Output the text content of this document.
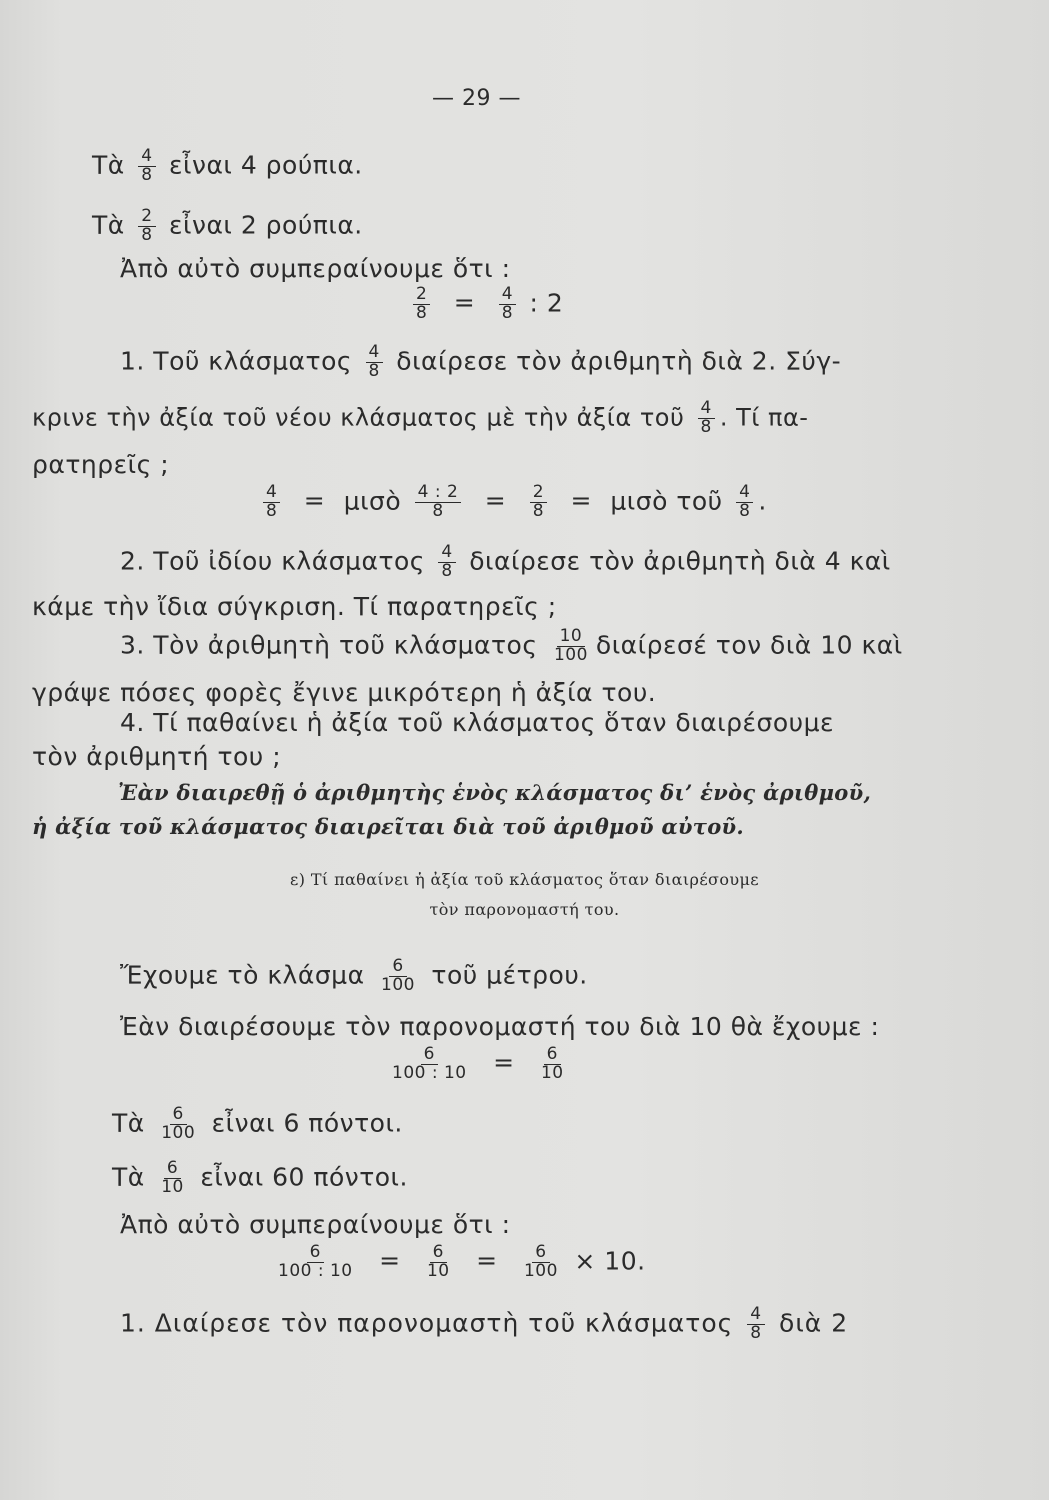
— 29 —
Τὰ $\frac{4}{8}$ εἶναι 4 ρούπια.
Τὰ $\frac{2}{8}$ εἶναι 2 ρούπια.
Ἀπὸ αὐτὸ συμπεραίνουμε ὅτι :
$\frac{2}{8} = \frac{4}{8}$ : 2
1. Τοῦ κλάσματος $\frac{4}{8}$ διαίρεσε τὸν ἀριθμητὴ διὰ 2. Σύγ-
κρινε τὴν ἀξία τοῦ νέου κλάσματος μὲ τὴν ἀξία τοῦ $\frac{4}{8}$ . Τί πα-
ρατηρεῖς ;
$\frac{4}{8}$ = μισὸ $\frac{4 : 2}{8} = \frac{2}{8}$ = μισὸ τοῦ $\frac{4}{8}$ .
2. Τοῦ ἰδίου κλάσματος $\frac{4}{8}$ διαίρεσε τὸν ἀριθμητὴ διὰ 4 καὶ
κάμε τὴν ἴδια σύγκριση. Τί παρατηρεῖς ;
3. Τὸν ἀριθμητὴ τοῦ κλάσματος $\frac{10}{100}$ διαίρεσέ τον διὰ 10 καὶ
γράψε πόσες φορὲς ἔγινε μικρότερη ἡ ἀξία του.
4. Τί παθαίνει ἡ ἀξία τοῦ κλάσματος ὅταν διαιρέσουμε
τὸν ἀριθμητή του ;
Ἐὰν διαιρεθῇ ὁ ἀριθμητὴς ἑνὸς κλάσματος δι’ ἑνὸς ἀριθμοῦ,
ἡ ἀξία τοῦ κλάσματος διαιρεῖται διὰ τοῦ ἀριθμοῦ αὐτοῦ.
ε) Τί παθαίνει ἡ ἀξία τοῦ κλάσματος ὅταν διαιρέσουμε
τὸν παρονομαστή του.
Ἔχουμε τὸ κλάσμα $\frac{6}{100}$ τοῦ μέτρου.
Ἐὰν διαιρέσουμε τὸν παρονομαστή του διὰ 10 θὰ ἔχουμε :
$\frac{6}{100 : 10} = \frac{6}{10}$
Τὰ $\frac{6}{100}$ εἶναι 6 πόντοι.
Τὰ $\frac{6}{10}$ εἶναι 60 πόντοι.
Ἀπὸ αὐτὸ συμπεραίνουμε ὅτι :
$\frac{6}{100 : 10} = \frac{6}{10} = \frac{6}{100} \times 10$.
1. Διαίρεσε τὸν παρονομαστὴ τοῦ κλάσματος $\frac{4}{8}$ διὰ 2
